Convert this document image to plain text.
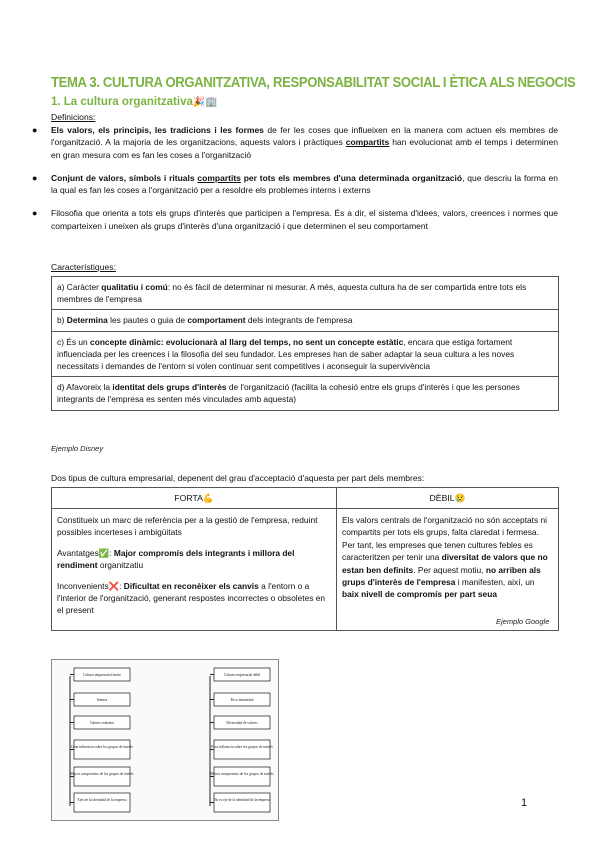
TEMA 3. CULTURA ORGANITZATIVA, RESPONSABILITAT SOCIAL I ÈTICA ALS NEGOCIS
1. La cultura organitzativa🎉🏢
Definicions:
● Els valors, els principis, les tradicions i les formes de fer les coses que influeixen en la manera com actuen els membres de l'organització. A la majoria de les organitzacions, aquests valors i pràctiques compartits han evolucionat amb el temps i determinen en gran mesura com es fan les coses a l'organització
● Conjunt de valors, símbols i rituals compartits per tots els membres d'una determinada organització, que descriu la forma en la qual es fan les coses a l'organització per a resoldre els problemes interns i externs
● Filosofia que orienta a tots els grups d'interès que participen a l'empresa. És a dir, el sistema d'idees, valors, creences i normes que comparteixen i uneixen als grups d'interès d'una organització i que determinen el seu comportament
Característiques:
a) Caràcter qualitatiu i comú: no és fàcil de determinar ni mesurar. A més, aquesta cultura ha de ser compartida entre tots els membres de l'empresa
b) Determina les pautes o guia de comportament dels integrants de l'empresa
c) És un concepte dinàmic: evolucionarà al llarg del temps, no sent un concepte estàtic, encara que estiga fortament influenciada per les creences i la filosofia del seu fundador. Les empreses han de saber adaptar la seua cultura a les noves necessitats i demandes de l'entorn si volen continuar sent competitives i aconseguir la supervivència
d) Afavoreix la identitat dels grups d'interès de l'organització (facilita la cohesió entre els grups d'interès i que les persones integrants de l'empresa es senten més vinculades amb aquesta)
Ejemplo Disney
Dos tipus de cultura empresarial, depenent del grau d'acceptació d'aquesta per part dels membres:
FORTA💪	DÈBIL😢

Constitueix un marc de referència per a la gestió de l'empresa, reduint possibles incerteses i ambigüitats

Avantatges✅: Major compromís dels integrants i millora del rendiment organitzatiu

Inconvenients❌: Dificultat en reconèixer els canvis a l'entorn o a l'interior de l'organització, generant respostes incorrectes o obsoletes en el present

Els valors centrals de l'organització no són acceptats ni compartits per tots els grups, falta claredat i fermesa. Per tant, les empreses que tenen cultures febles es caracteritzen per tenir una diversitat de valors que no estan ben definits. Per aquest motiu, no arriben als grups d'interès de l'empresa i manifesten, així, un baix nivell de compromís per part seua

Ejemplo Google
Cultura empresarial fuerte
Intensa
Valores centrales
Gran influencia sobre los grupos de interés
Mayor compromiso de los grupos de interés
Ejes de la identidad de la empresa
Cultura empresarial débil
Poco intensidad
Diversidad de valores
Poca influencia sobre los grupos de interés
Menor compromiso de los grupos de interés
No es eje de la identidad de la empresa	1
